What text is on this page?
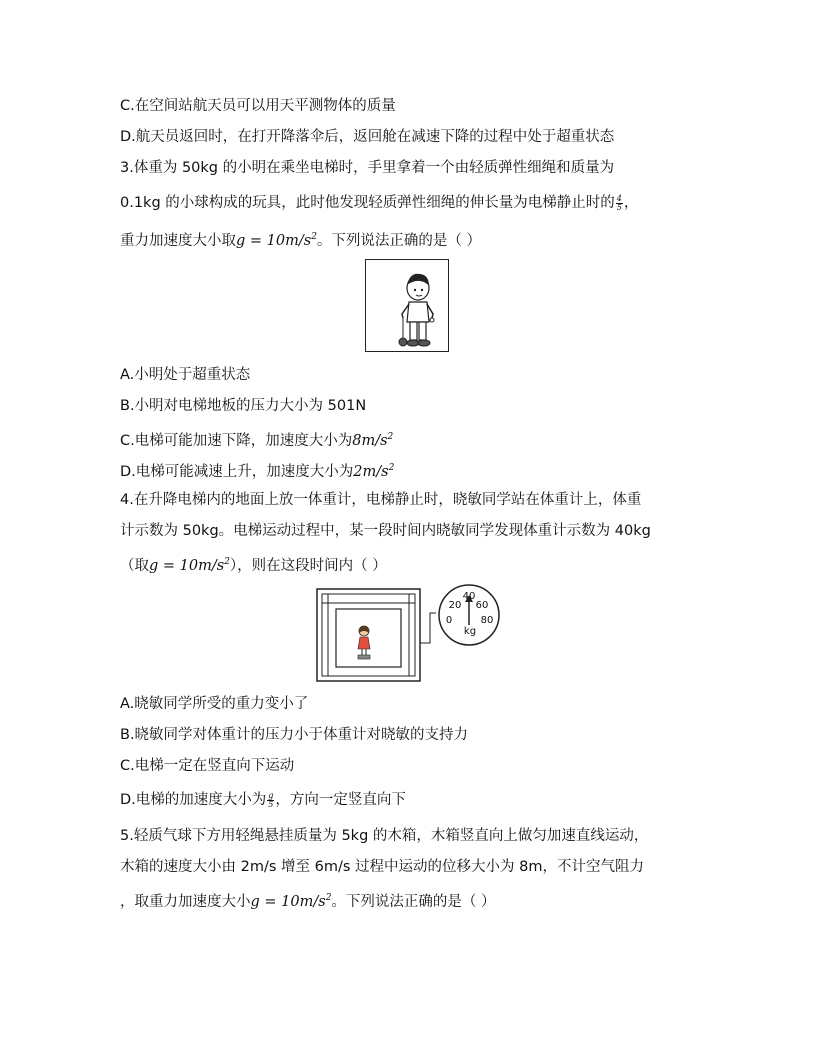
C.在空间站航天员可以用天平测物体的质量
D.航天员返回时，在打开降落伞后，返回舱在减速下降的过程中处于超重状态
3.体重为 50kg 的小明在乘坐电梯时，手里拿着一个由轻质弹性细绳和质量为
0.1kg 的小球构成的玩具，此时他发现轻质弹性细绳的伸长量为电梯静止时的 $\frac{4}{5}$ ，
重力加速度大小取$g = 10m/s^2$。下列说法正确的是（ ）
A.小明处于超重状态
B.小明对电梯地板的压力大小为 501N
C.电梯可能加速下降，加速度大小为$8m/s^2$
D.电梯可能减速上升，加速度大小为$2m/s^2$
4.在升降电梯内的地面上放一体重计，电梯静止时，晓敏同学站在体重计上，体重
计示数为 50kg。电梯运动过程中，某一段时间内晓敏同学发现体重计示数为 40kg
（取$g = 10m/s^2$），则在这段时间内（ ）
40
20 60
0	80
kg
A.晓敏同学所受的重力变小了
B.晓敏同学对体重计的压力小于体重计对晓敏的支持力
C.电梯一定在竖直向下运动
D.电梯的加速度大小为 $\frac{g}{5}$ ，方向一定竖直向下
5.轻质气球下方用轻绳悬挂质量为 5kg 的木箱，木箱竖直向上做匀加速直线运动，
木箱的速度大小由 2m/s 增至 6m/s 过程中运动的位移大小为 8m，不计空气阻力
，取重力加速度大小$g = 10m/s^2$。下列说法正确的是（ ）
